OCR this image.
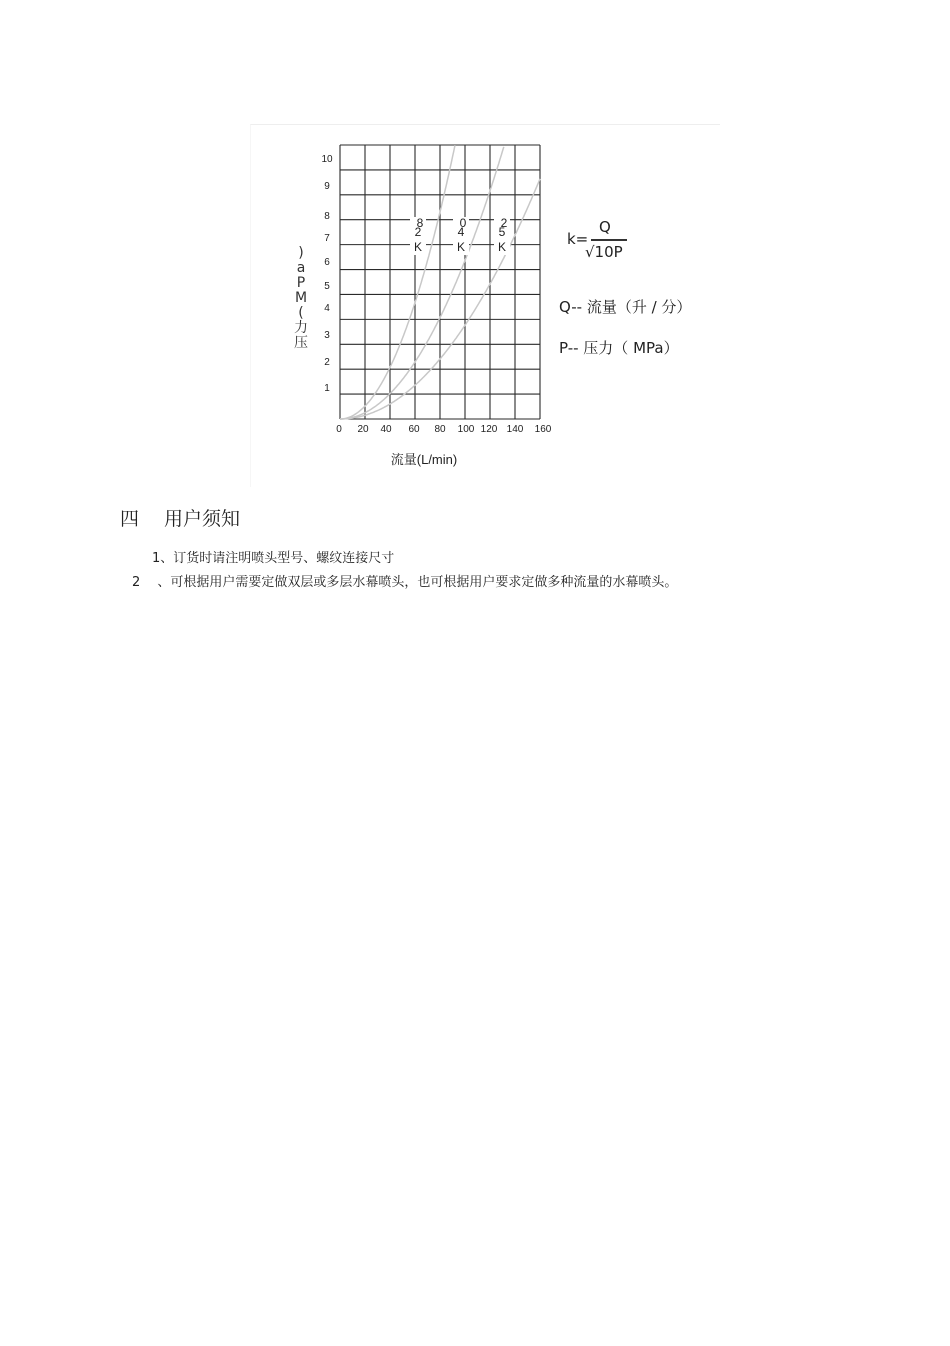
1
2
3
4
5
6
7
8
9
10
0 20 40 60 80 100 120 140 160
8
2
K
0
4
K
2
5
K
流量(L/min)
)
a
P
M
(
力
压
k=
Q
√10P
Q-- 流量（升 / 分）
P-- 压力（ MPa）
四 用户须知
1、订货时请注明喷头型号、螺纹连接尺寸
2　 、可根据用户需要定做双层或多层水幕喷头，也可根据用户要求定做多种流量的水幕喷头。
